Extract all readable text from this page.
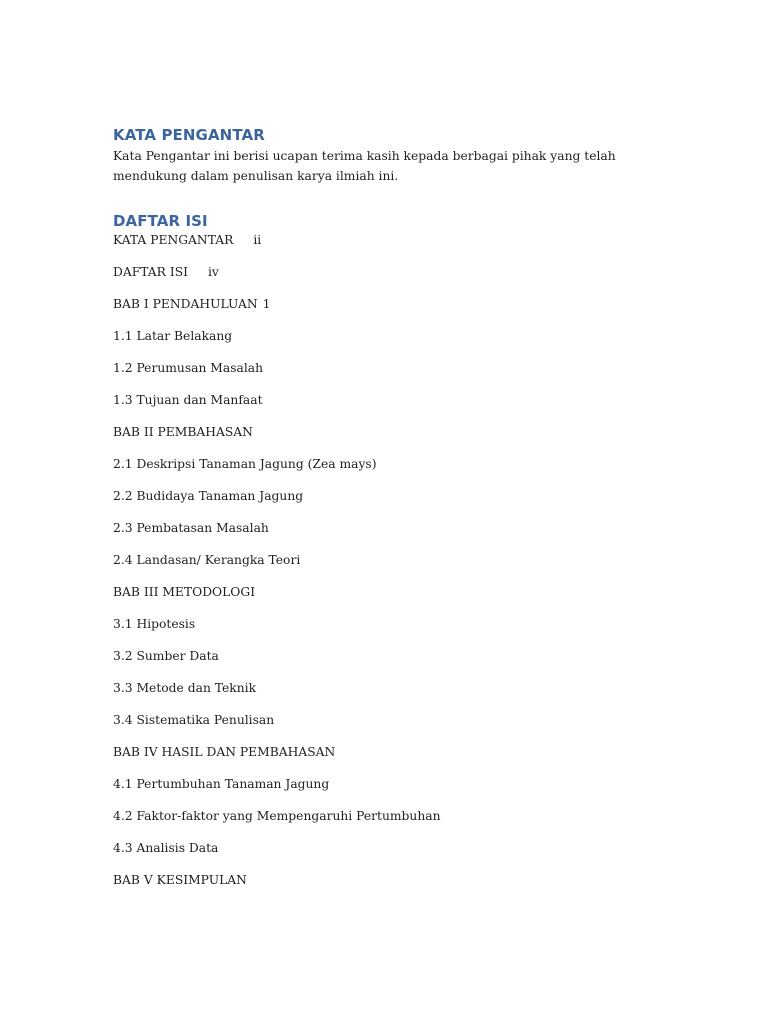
KATA PENGANTAR

Kata Pengantar ini berisi ucapan terima kasih kepada berbagai pihak yang telah mendukung dalam penulisan karya ilmiah ini.

DAFTAR ISI
KATA PENGANTAR ii
DAFTAR ISI iv
BAB I PENDAHULUAN 1
1.1 Latar Belakang
1.2 Perumusan Masalah
1.3 Tujuan dan Manfaat
BAB II PEMBAHASAN
2.1 Deskripsi Tanaman Jagung (Zea mays)
2.2 Budidaya Tanaman Jagung
2.3 Pembatasan Masalah
2.4 Landasan/ Kerangka Teori
BAB III METODOLOGI
3.1 Hipotesis
3.2 Sumber Data
3.3 Metode dan Teknik
3.4 Sistematika Penulisan
BAB IV HASIL DAN PEMBAHASAN
4.1 Pertumbuhan Tanaman Jagung
4.2 Faktor-faktor yang Mempengaruhi Pertumbuhan
4.3 Analisis Data
BAB V KESIMPULAN
